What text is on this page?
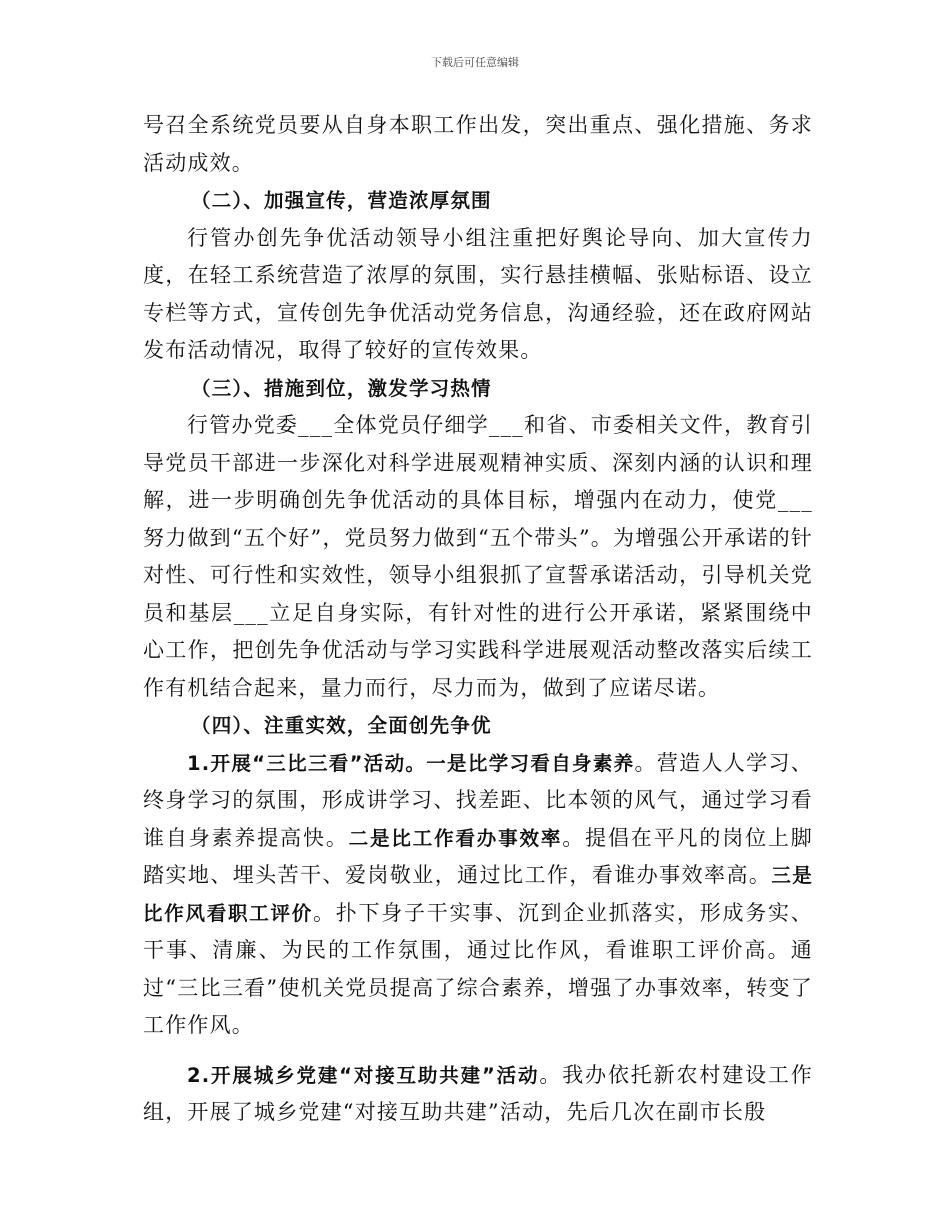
下载后可任意编辑

号召全系统党员要从自身本职工作出发，突出重点、强化措施、务求活动成效。

（二）、加强宣传，营造浓厚氛围

行管办创先争优活动领导小组注重把好舆论导向、加大宣传力度，在轻工系统营造了浓厚的氛围，实行悬挂横幅、张贴标语、设立专栏等方式，宣传创先争优活动党务信息，沟通经验，还在政府网站发布活动情况，取得了较好的宣传效果。

（三）、措施到位，激发学习热情

行管办党委___全体党员仔细学___和省、市委相关文件，教育引导党员干部进一步深化对科学进展观精神实质、深刻内涵的认识和理解，进一步明确创先争优活动的具体目标，增强内在动力，使党___努力做到“五个好”，党员努力做到“五个带头”。为增强公开承诺的针对性、可行性和实效性，领导小组狠抓了宣誓承诺活动，引导机关党员和基层___立足自身实际，有针对性的进行公开承诺，紧紧围绕中心工作，把创先争优活动与学习实践科学进展观活动整改落实后续工作有机结合起来，量力而行，尽力而为，做到了应诺尽诺。

（四）、注重实效，全面创先争优

1.开展“三比三看”活动。一是比学习看自身素养。营造人人学习、终身学习的氛围，形成讲学习、找差距、比本领的风气，通过学习看谁自身素养提高快。二是比工作看办事效率。提倡在平凡的岗位上脚踏实地、埋头苦干、爱岗敬业，通过比工作，看谁办事效率高。三是比作风看职工评价。扑下身子干实事、沉到企业抓落实，形成务实、干事、清廉、为民的工作氛围，通过比作风，看谁职工评价高。通过“三比三看”使机关党员提高了综合素养，增强了办事效率，转变了工作作风。

2.开展城乡党建“对接互助共建”活动。我办依托新农村建设工作组，开展了城乡党建“对接互助共建”活动，先后几次在副市长殷
